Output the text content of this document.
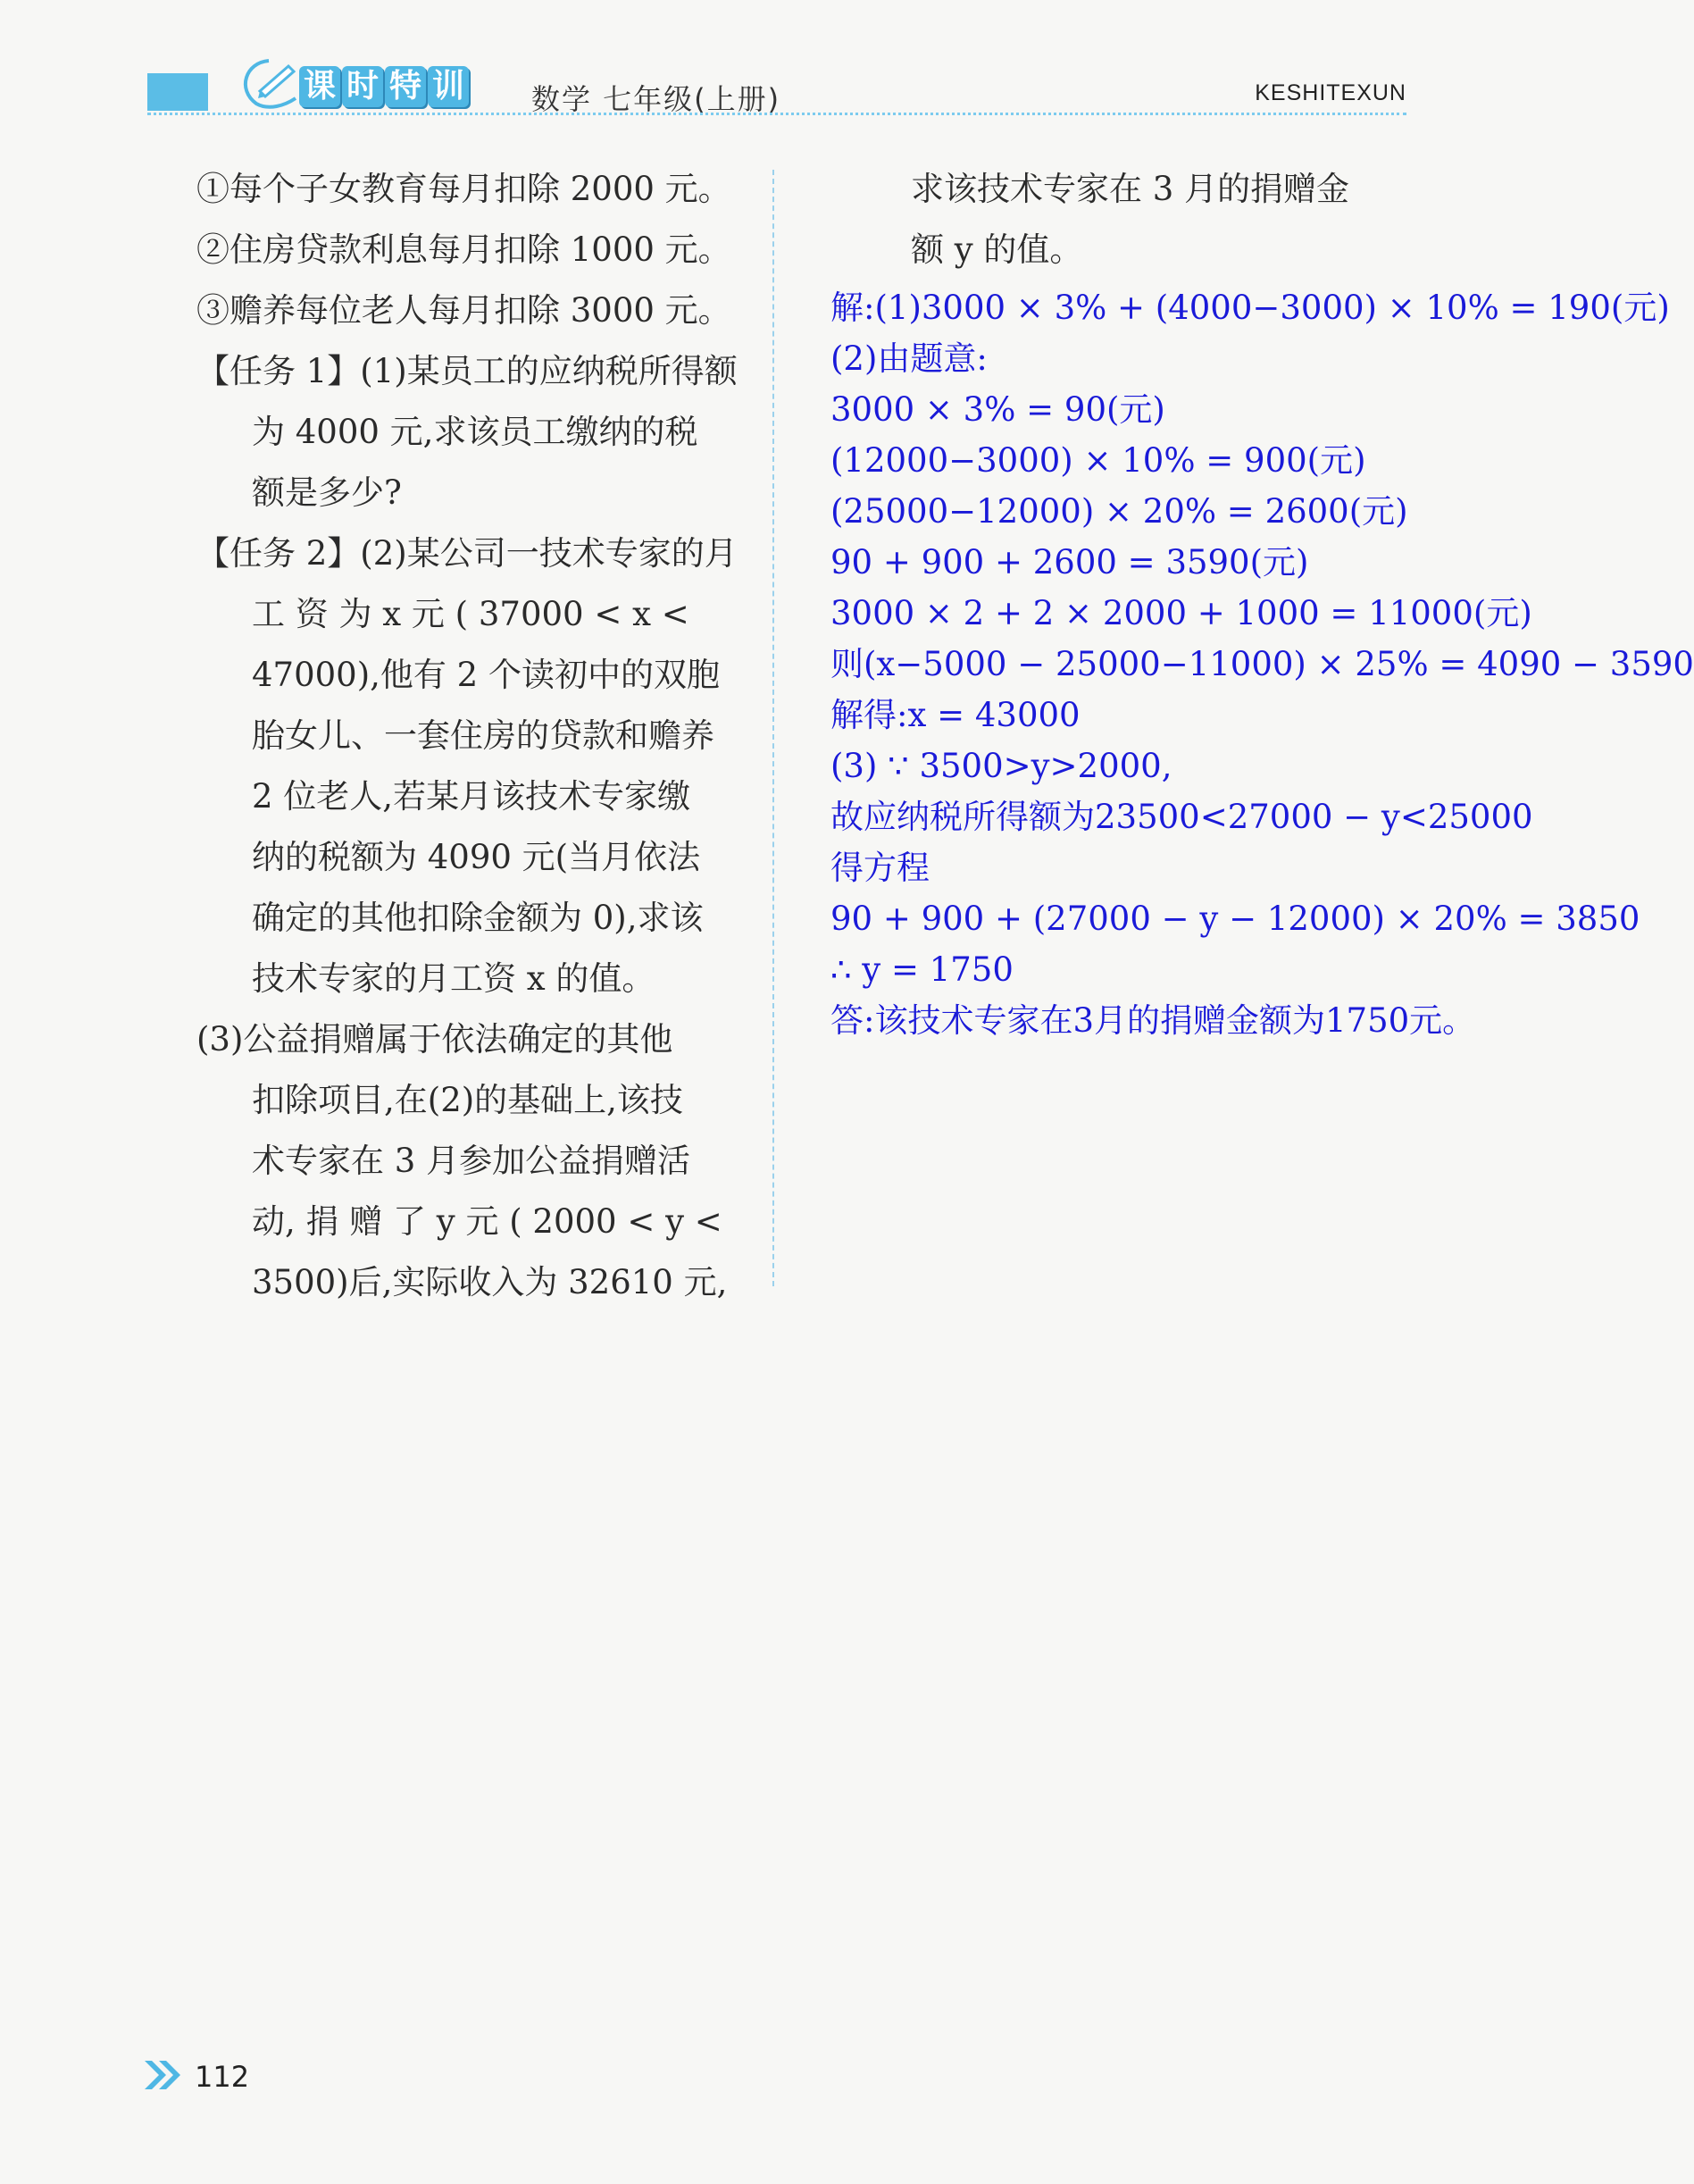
课 时 特 训 数学 七年级(上册)	KESHITEXUN

①每个子女教育每月扣除 2000 元。

②住房贷款利息每月扣除 1000 元。

③赡养每位老人每月扣除 3000 元。

【任务 1】(1)某员工的应纳税所得额

为 4000 元,求该员工缴纳的税

额是多少?

【任务 2】(2)某公司一技术专家的月

工 资 为 x 元 ( 37000 < x <

47000),他有 2 个读初中的双胞

胎女儿、一套住房的贷款和赡养

2 位老人,若某月该技术专家缴

纳的税额为 4090 元(当月依法

确定的其他扣除金额为 0),求该

技术专家的月工资 x 的值。

(3)公益捐赠属于依法确定的其他

扣除项目,在(2)的基础上,该技

术专家在 3 月参加公益捐赠活

动, 捐 赠 了 y 元 ( 2000 < y <

3500)后,实际收入为 32610 元,

求该技术专家在 3 月的捐赠金

额 y 的值。

解:(1)3000 × 3% + (4000−3000) × 10% = 190(元)

(2)由题意:

3000 × 3% = 90(元)

(12000−3000) × 10% = 900(元)

(25000−12000) × 20% = 2600(元)

90 + 900 + 2600 = 3590(元)

3000 × 2 + 2 × 2000 + 1000 = 11000(元)

则(x−5000 − 25000−11000) × 25% = 4090 − 3590

解得:x = 43000

(3) ∵ 3500>y>2000,

故应纳税所得额为23500<27000 − y<25000

得方程

90 + 900 + (27000 − y − 12000) × 20% = 3850

∴ y = 1750

答:该技术专家在3月的捐赠金额为1750元。

112
